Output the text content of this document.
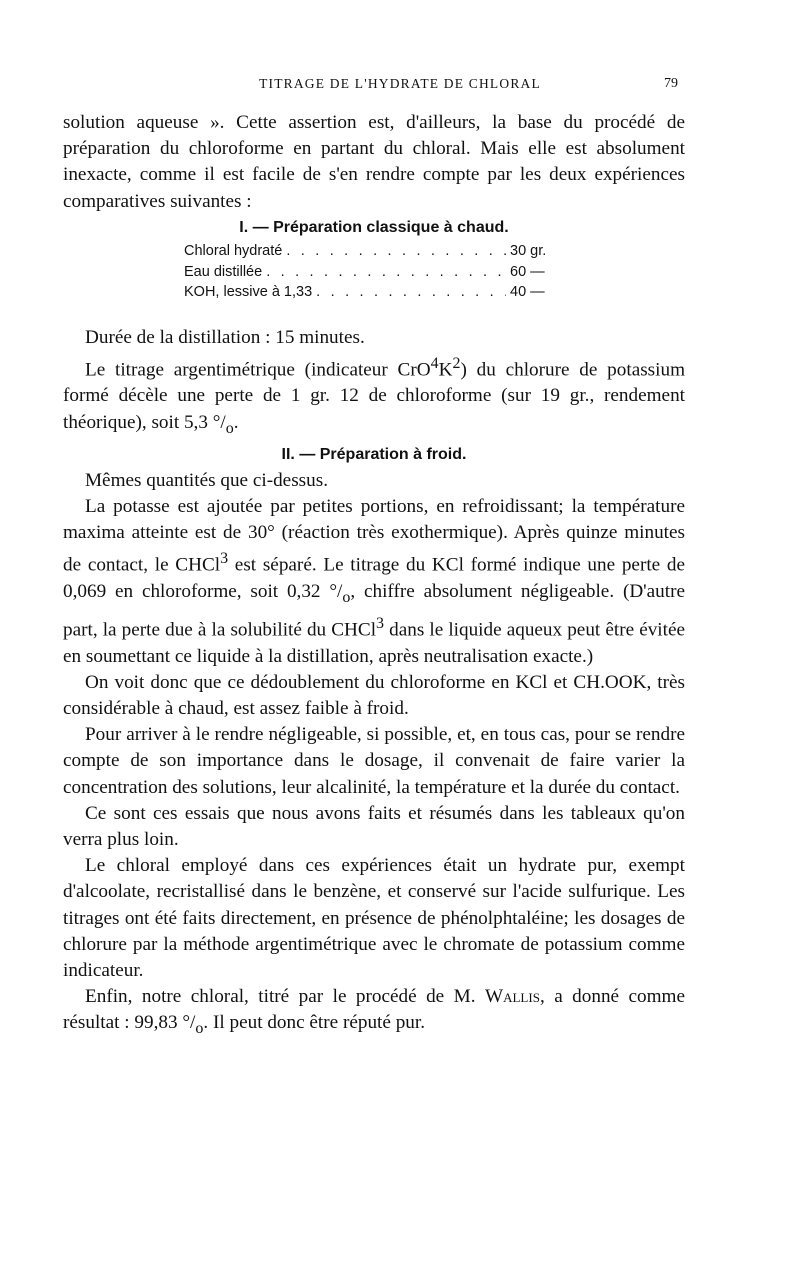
TITRAGE DE L'HYDRATE DE CHLORAL	79

solution aqueuse ». Cette assertion est, d'ailleurs, la base du procédé de préparation du chloroforme en partant du chloral. Mais elle est absolument inexacte, comme il est facile de s'en rendre compte par les deux expériences comparatives suivantes :

I. — Préparation classique à chaud.

Chloral hydraté . . .	30 gr.
Eau distillée . . .	60 —
KOH, lessive à 1,33 . . .	40 —

Durée de la distillation : 15 minutes.

Le titrage argentimétrique (indicateur $CrO^4K^2$) du chlorure de potassium formé décèle une perte de 1 gr. 12 de chloroforme (sur 19 gr., rendement théorique), soit 5,3 $^\circ/_o$.

II. — Préparation à froid.

Mêmes quantités que ci-dessus.

La potasse est ajoutée par petites portions, en refroidissant; la température maxima atteinte est de 30° (réaction très exothermique). Après quinze minutes de contact, le CHCl$^3$ est séparé. Le titrage du KCl formé indique une perte de 0,069 en chloroforme, soit 0,32 $^\circ/_o$, chiffre absolument négligeable. (D'autre part, la perte due à la solubilité du CHCl$^3$ dans le liquide aqueux peut être évitée en soumettant ce liquide à la distillation, après neutralisation exacte.)

On voit donc que ce dédoublement du chloroforme en KCl et CH.OOK, très considérable à chaud, est assez faible à froid.

Pour arriver à le rendre négligeable, si possible, et, en tous cas, pour se rendre compte de son importance dans le dosage, il convenait de faire varier la concentration des solutions, leur alcalinité, la température et la durée du contact.

Ce sont ces essais que nous avons faits et résumés dans les tableaux qu'on verra plus loin.

Le chloral employé dans ces expériences était un hydrate pur, exempt d'alcoolate, recristallisé dans le benzène, et conservé sur l'acide sulfurique. Les titrages ont été faits directement, en présence de phénolphtaléine; les dosages de chlorure par la méthode argentimétrique avec le chromate de potassium comme indicateur.

Enfin, notre chloral, titré par le procédé de M. Wallis, a donné comme résultat : 99,83 $^\circ/_o$. Il peut donc être réputé pur.
